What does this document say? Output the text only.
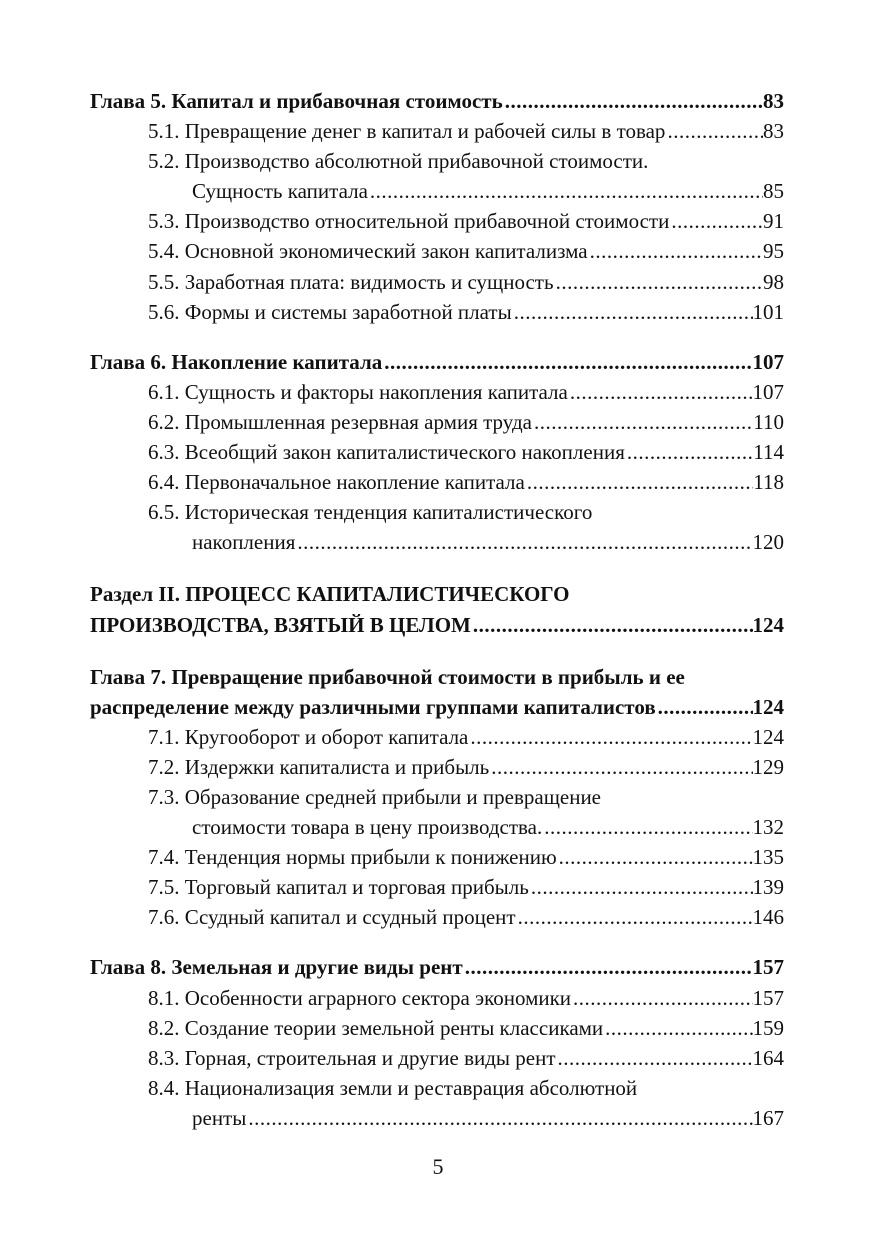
Глава 5. Капитал и прибавочная стоимость .....	83
5.1. Превращение денег в капитал и рабочей силы в товар .....	83
5.2. Производство абсолютной прибавочной стоимости.
Сущность капитала .....	85
5.3. Производство относительной прибавочной стоимости .....	91
5.4. Основной экономический закон капитализма .....	95
5.5. Заработная плата: видимость и сущность .....	98
5.6. Формы и системы заработной платы .....	101
Глава 6. Накопление капитала .....	107
6.1. Сущность и факторы накопления капитала .....	107
6.2. Промышленная резервная армия труда .....	110
6.3. Всеобщий закон капиталистического накопления .....	114
6.4. Первоначальное накопление капитала .....	118
6.5. Историческая тенденция капиталистического
накопления .....	120
Раздел II. ПРОЦЕСС КАПИТАЛИСТИЧЕСКОГО
ПРОИЗВОДСТВА, ВЗЯТЫЙ В ЦЕЛОМ .....	124
Глава 7. Превращение прибавочной стоимости в прибыль и ее
распределение между различными группами капиталистов .....	124
7.1. Кругооборот и оборот капитала .....	124
7.2. Издержки капиталиста и прибыль .....	129
7.3. Образование средней прибыли и превращение
стоимости товара в цену производства. .....	132
7.4. Тенденция нормы прибыли к понижению .....	135
7.5. Торговый капитал и торговая прибыль .....	139
7.6. Ссудный капитал и ссудный процент .....	146
Глава 8. Земельная и другие виды рент .....	157
8.1. Особенности аграрного сектора экономики .....	157
8.2. Создание теории земельной ренты классиками .....	159
8.3. Горная, строительная и другие виды рент .....	164
8.4. Национализация земли и реставрация абсолютной
ренты .....	167
5
